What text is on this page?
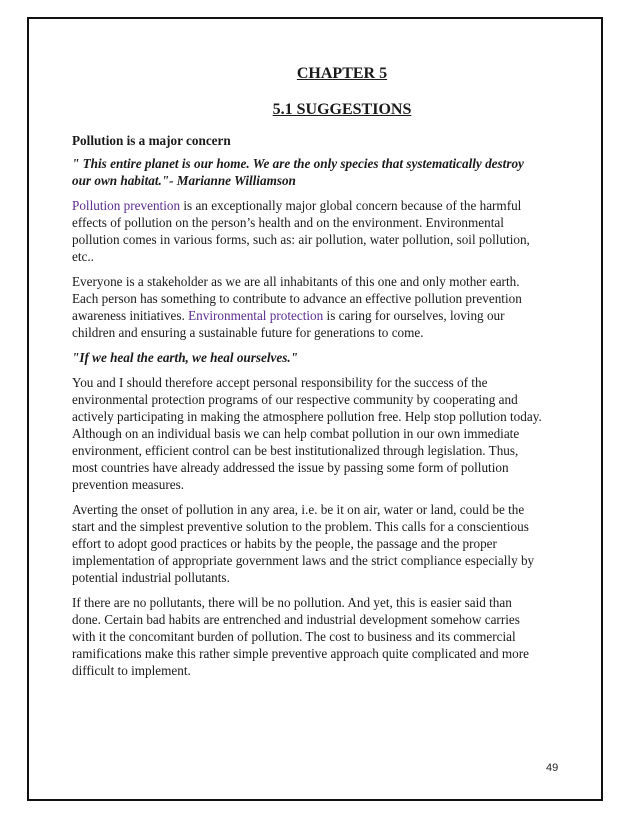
CHAPTER 5
5.1 SUGGESTIONS
Pollution is a major concern
" This entire planet is our home. We are the only species that systematically destroy our own habitat."- Marianne Williamson

Pollution prevention is an exceptionally major global concern because of the harmful effects of pollution on the person’s health and on the environment. Environmental pollution comes in various forms, such as: air pollution, water pollution, soil pollution, etc..

Everyone is a stakeholder as we are all inhabitants of this one and only mother earth. Each person has something to contribute to advance an effective pollution prevention awareness initiatives. Environmental protection is caring for ourselves, loving our children and ensuring a sustainable future for generations to come.

"If we heal the earth, we heal ourselves."

You and I should therefore accept personal responsibility for the success of the environmental protection programs of our respective community by cooperating and actively participating in making the atmosphere pollution free. Help stop pollution today. Although on an individual basis we can help combat pollution in our own immediate environment, efficient control can be best institutionalized through legislation. Thus, most countries have already addressed the issue by passing some form of pollution prevention measures.

Averting the onset of pollution in any area, i.e. be it on air, water or land, could be the start and the simplest preventive solution to the problem. This calls for a conscientious effort to adopt good practices or habits by the people, the passage and the proper implementation of appropriate government laws and the strict compliance especially by potential industrial pollutants.

If there are no pollutants, there will be no pollution. And yet, this is easier said than done. Certain bad habits are entrenched and industrial development somehow carries with it the concomitant burden of pollution. The cost to business and its commercial ramifications make this rather simple preventive approach quite complicated and more difficult to implement.

49
